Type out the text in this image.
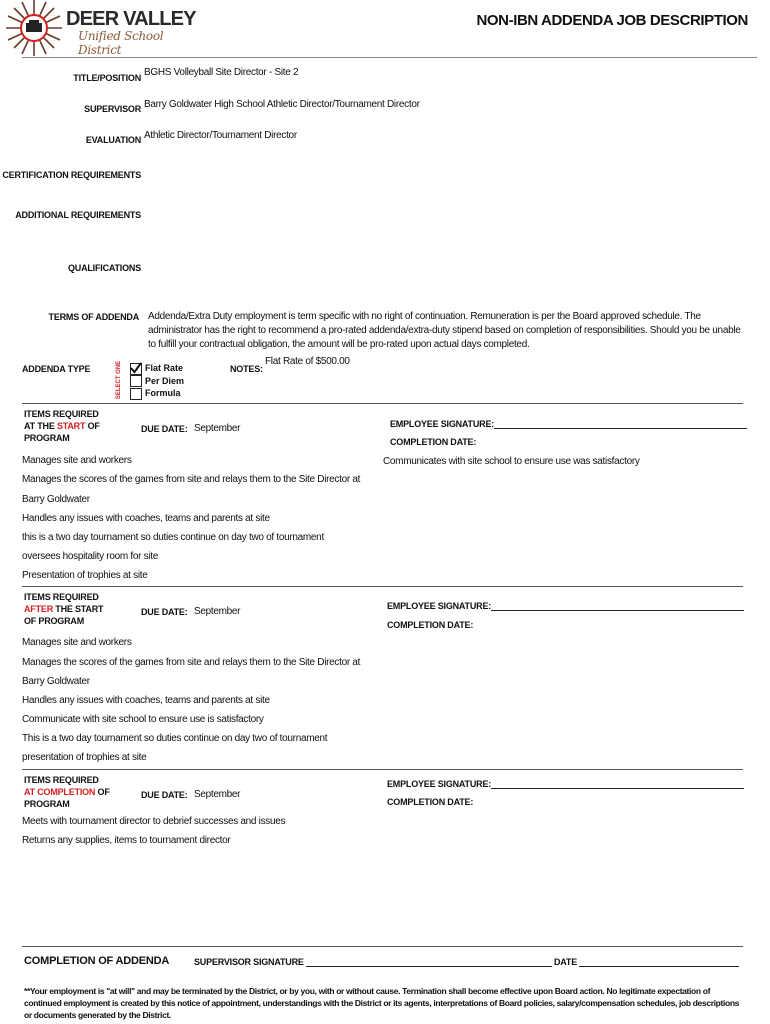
DEER VALLEY
Unified School District
NON-IBN ADDENDA JOB DESCRIPTION
TITLE/POSITION BGHS Volleyball Site Director - Site 2
SUPERVISOR Barry Goldwater High School Athletic Director/Tournament Director
EVALUATION Athletic Director/Tournament Director
CERTIFICATION REQUIREMENTS
ADDITIONAL REQUIREMENTS
QUALIFICATIONS
TERMS OF ADDENDA Addenda/Extra Duty employment is term specific with no right of continuation. Remuneration is per the Board approved schedule. The
administrator has the right to recommend a pro-rated addenda/extra-duty stipend based on completion of responsibilities. Should you be unable
to fulfill your contractual obligation, the amount will be pro-rated upon actual days completed.
ADDENDA TYPE	SELECT ONE	Flat Rate
Per Diem
Formula
NOTES:
Flat Rate of $500.00
ITEMS REQUIRED
AT THE START OF
PROGRAM
DUE DATE: September	EMPLOYEE SIGNATURE:
COMPLETION DATE:
Communicates with site school to ensure use was satisfactory
Manages site and workers
Manages the scores of the games from site and relays them to the Site Director at
Barry Goldwater
Handles any issues with coaches, teams and parents at site
this is a two day tournament so duties continue on day two of tournament
oversees hospitality room for site
Presentation of trophies at site
ITEMS REQUIRED
AFTER THE START
OF PROGRAM
DUE DATE: September	EMPLOYEE SIGNATURE:
COMPLETION DATE:
Manages site and workers
Manages the scores of the games from site and relays them to the Site Director at
Barry Goldwater
Handles any issues with coaches, teams and parents at site
Communicate with site school to ensure use is satisfactory
This is a two day tournament so duties continue on day two of tournament
presentation of trophies at site
ITEMS REQUIRED
AT COMPLETION OF
PROGRAM
DUE DATE: September
EMPLOYEE SIGNATURE:
COMPLETION DATE:
Meets with tournament director to debrief successes and issues
Returns any supplies, items to tournament director
COMPLETION OF ADDENDA	SUPERVISOR SIGNATURE	DATE
**Your employment is "at will" and may be terminated by the District, or by you, with or without cause. Termination shall become effective upon Board action. No legitimate expectation of continued employment is created by this notice of appointment, understandings with the District or its agents, interpretations of Board policies, salary/compensation schedules, job descriptions or documents generated by the District.
